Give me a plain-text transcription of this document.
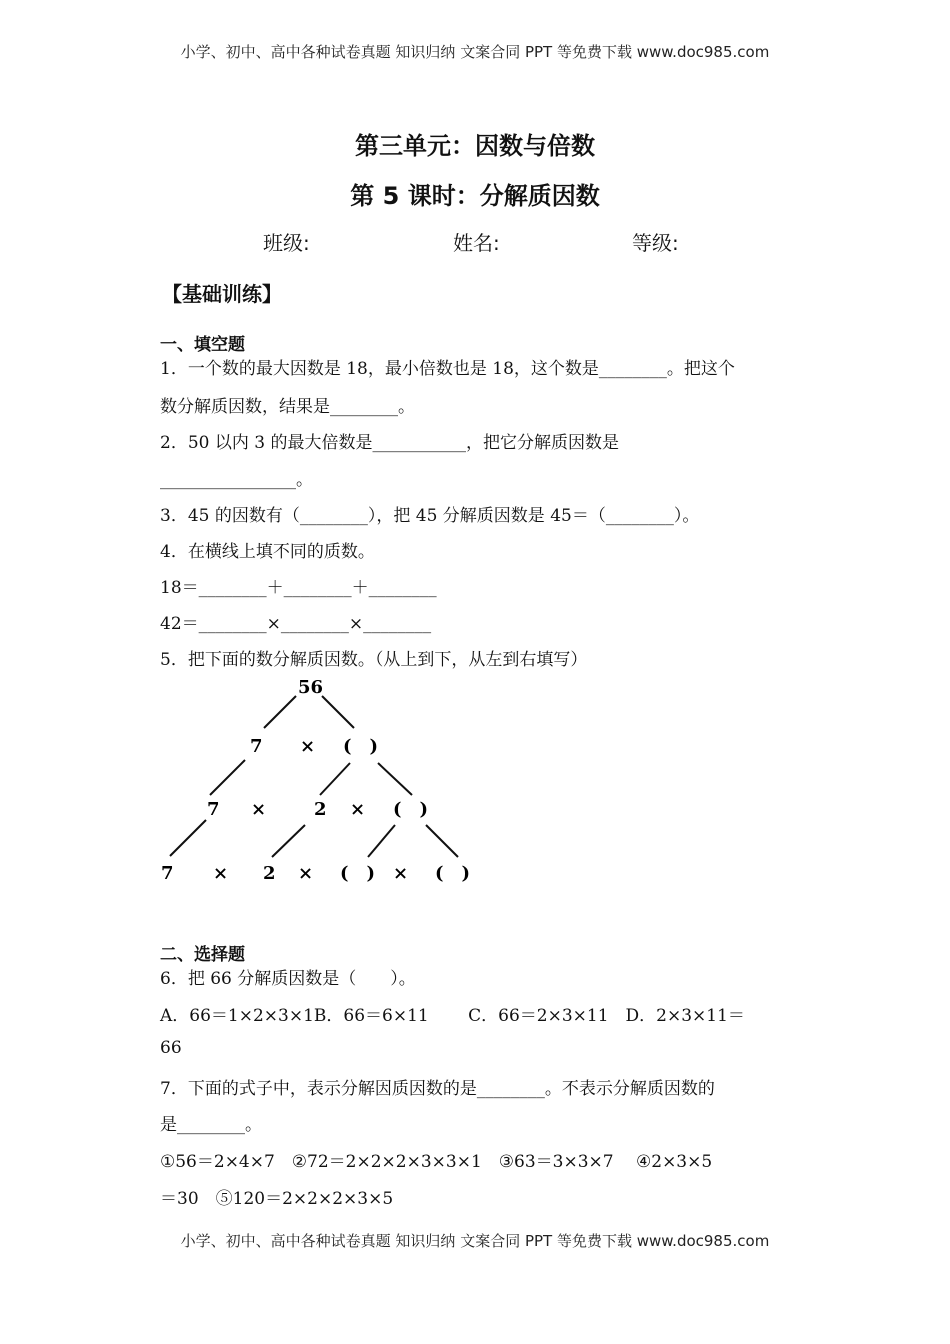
小学、初中、高中各种试卷真题 知识归纳 文案合同 PPT 等免费下载 www.doc985.com
第三单元：因数与倍数
第 5 课时：分解质因数
班级:	姓名:	等级:
【基础训练】
一、填空题
1．一个数的最大因数是 18，最小倍数也是 18，这个数是________。把这个
数分解质因数，结果是________。
2．50 以内 3 的最大倍数是___________，把它分解质因数是
________________。
3．45 的因数有（________），把 45 分解质因数是 45＝（________）。
4．在横线上填不同的质数。
18＝________＋________＋________
42＝________×________×________
5．把下面的数分解质因数。（从上到下，从左到右填写）
56
7 × (　)
7 ×	2 × (　)
7 × 2 × (　) × (　)
二、选择题
6．把 66 分解质因数是（　　）。
A．66＝1×2×3×1B．66＝6×11　　 C．66＝2×3×11　D．2×3×11＝
66
7．下面的式子中，表示分解因质因数的是________。不表示分解质因数的
是________。
①56＝2×4×7　②72＝2×2×2×3×3×1　③63＝3×3×7　 ④2×3×5
＝30　⑤120＝2×2×2×3×5
小学、初中、高中各种试卷真题 知识归纳 文案合同 PPT 等免费下载 www.doc985.com
